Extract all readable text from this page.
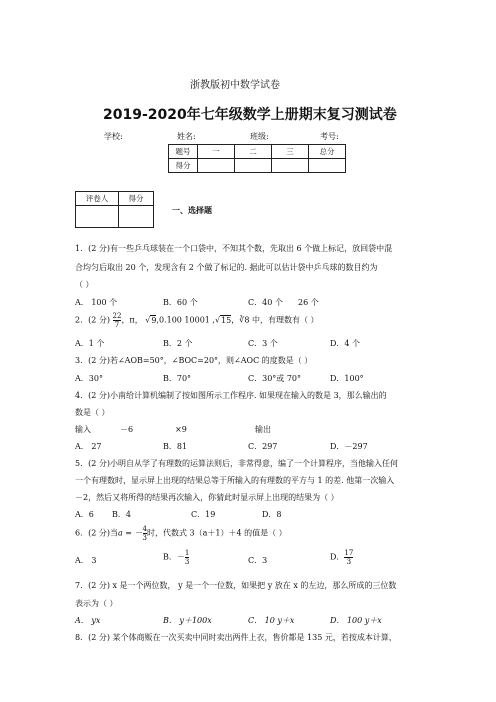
浙教版初中数学试卷
2019-2020年七年级数学上册期末复习测试卷
学校:	姓名:	班级:	考号:
题号	一	二	三	总分
得分				
评卷人	得分

一、选择题
1．(2 分)有一些乒乓球装在一个口袋中，不知其个数，先取出 6 个做上标记，放回袋中混
合均匀后取出 20 个，发现含有 2 个做了标记的. 据此可以估计袋中乒乓球的数目约为
（ ）
A． 100 个	B．60 个	C．40 个 26 个
2．(2 分) $\frac{22}{7}$ ，π， √9,0.100 10001 ,√15，∛8 中，有理数有（ ）
A．1 个	B．2 个	C．3 个	D．4 个
3．(2 分)若∠AOB=50°，∠BOC=20°，则∠AOC 的度数是（ ）
A．30°	B．70°	C．30°或 70°	D．100°
4．(2 分)小南给计算机编制了按如图所示工作程序. 如果现在输入的数是 3，那么输出的
数是（ ）
输入	－6	×9	输出
A． 27	B．81	C．297	D．－297
5．(2 分)小明自从学了有理数的运算法则后，非常得意，编了一个计算程序，当他输入任何
一个有理数时，显示屏上出现的结果总等于所输入的有理数的平方与 1 的差. 他第一次输入
－2，然后又将所得的结果再次输入，你猜此时显示屏上出现的结果为（ ）
A．6 B．4	C．19	D．8
6．(2 分)当a = － $\frac{4}{3}$ 时，代数式 3（a＋1）＋4 的值是（ ）
A． 3	B．－ $\frac{1}{3}$	C．3	D． $\frac{17}{3}$
7．(2 分) x 是一个两位数， y 是一个一位数，如果把 y 放在 x 的左边，那么所成的三位数
表示为（ ）
A． yx	B． y＋100x	C． 10 y＋x	D． 100 y＋x
8．(2 分) 某个体商贩在一次买卖中同时卖出两件上衣，售价都是 135 元，若按成本计算，
